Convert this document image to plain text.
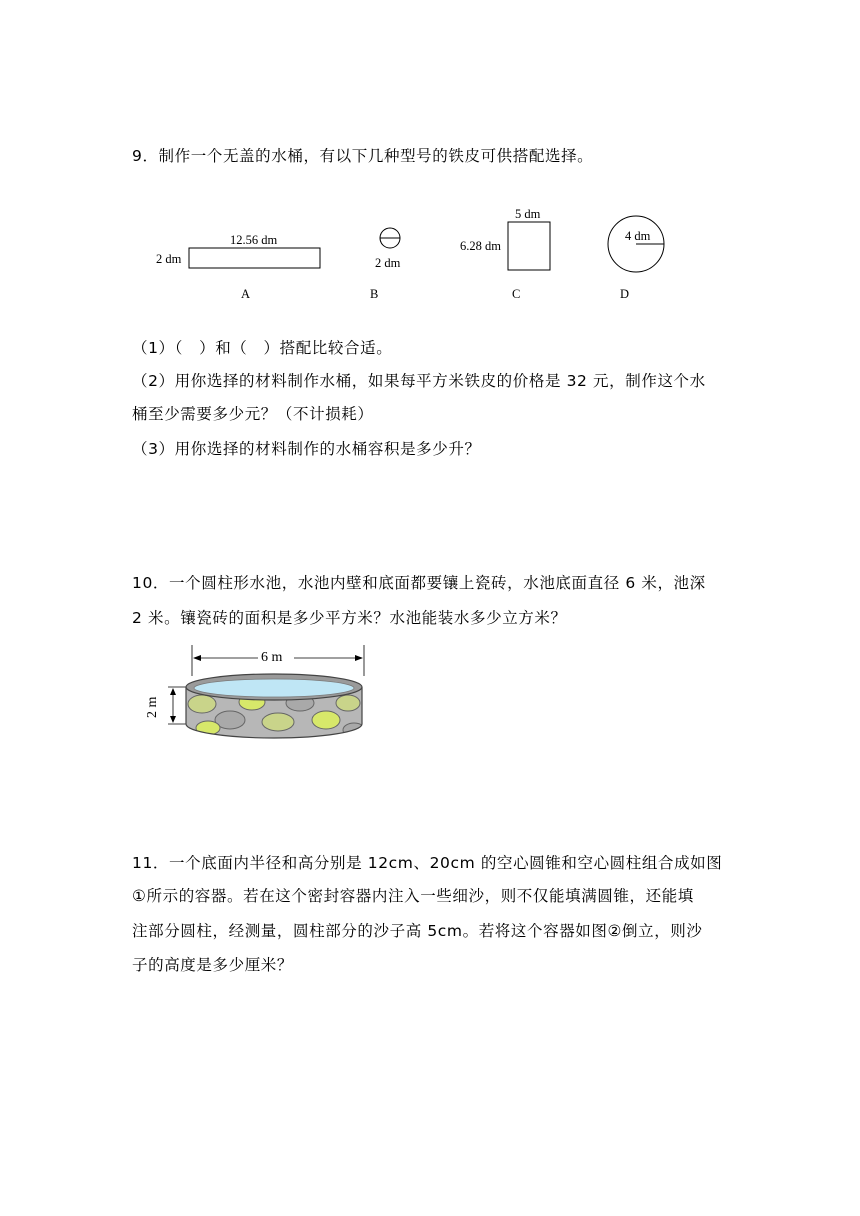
9．制作一个无盖的水桶，有以下几种型号的铁皮可供搭配选择。
12.56 dm
2 dm
A
2 dm
B
5 dm
6.28 dm
C
4 dm
D
（1）（　）和（　）搭配比较合适。
（2）用你选择的材料制作水桶，如果每平方米铁皮的价格是 32 元，制作这个水
桶至少需要多少元？（不计损耗）
（3）用你选择的材料制作的水桶容积是多少升？
10．一个圆柱形水池，水池内壁和底面都要镶上瓷砖，水池底面直径 6 米，池深
2 米。镶瓷砖的面积是多少平方米？水池能装水多少立方米？
6 m
2 m
11．一个底面内半径和高分别是 12cm、20cm 的空心圆锥和空心圆柱组合成如图
①所示的容器。若在这个密封容器内注入一些细沙，则不仅能填满圆锥，还能填
注部分圆柱，经测量，圆柱部分的沙子高 5cm。若将这个容器如图②倒立，则沙
子的高度是多少厘米？
